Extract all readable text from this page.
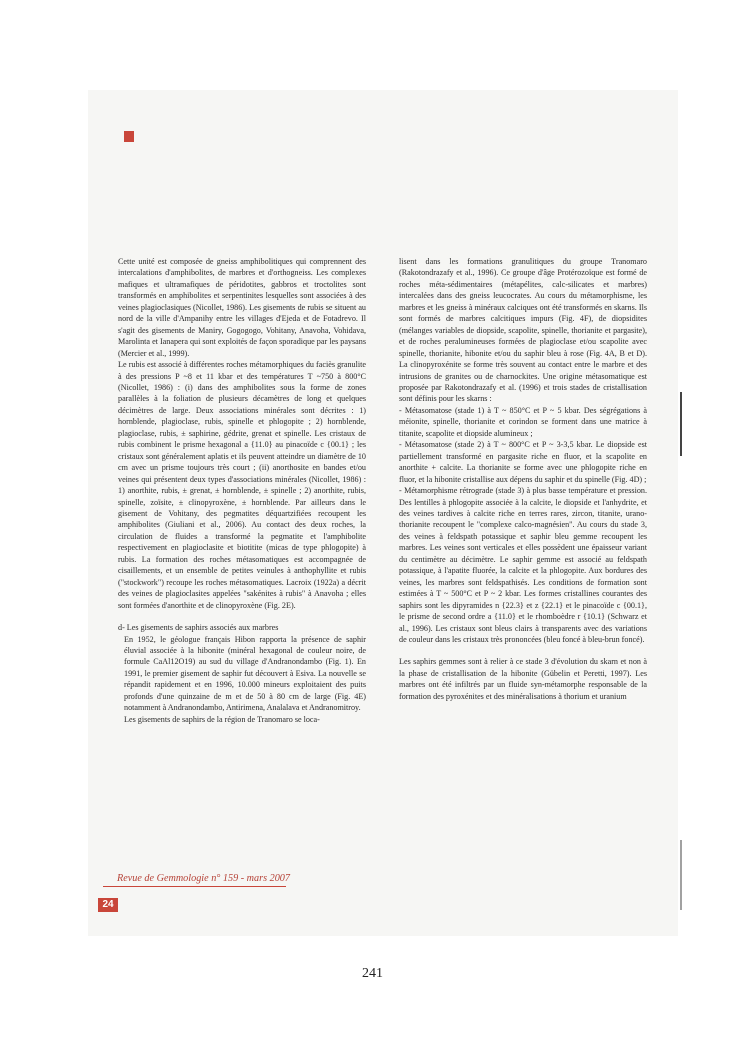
Cette unité est composée de gneiss amphibolitiques qui comprennent des intercalations d'amphibolites, de marbres et d'orthogneiss. Les complexes mafiques et ultramafiques de péridotites, gabbros et troctolites sont transformés en amphibolites et serpentinites lesquelles sont associées à des veines plagioclasiques (Nicollet, 1986). Les gisements de rubis se situent au nord de la ville d'Ampanihy entre les villages d'Ejeda et de Fotadrevo. Il s'agit des gisements de Maniry, Gogogogo, Vohitany, Anavoha, Vohidava, Marolinta et Ianapera qui sont exploités de façon sporadique par les paysans (Mercier et al., 1999).

Le rubis est associé à différentes roches métamorphiques du faciès granulite à des pressions P ~8 et 11 kbar et des températures T ~750 à 800°C (Nicollet, 1986) : (i) dans des amphibolites sous la forme de zones parallèles à la foliation de plusieurs décamètres de long et quelques décimètres de large. Deux associations minérales sont décrites : 1) hornblende, plagioclase, rubis, spinelle et phlogopite ; 2) hornblende, plagioclase, rubis, ± saphirine, gédrite, grenat et spinelle. Les cristaux de rubis combinent le prisme hexagonal a {11.0} au pinacoïde c {00.1} ; les cristaux sont généralement aplatis et ils peuvent atteindre un diamètre de 10 cm avec un prisme toujours très court ; (ii) anorthosite en bandes et/ou veines qui présentent deux types d'associations minérales (Nicollet, 1986) : 1) anorthite, rubis, ± grenat, ± hornblende, ± spinelle ; 2) anorthite, rubis, spinelle, zoïsite, ± clinopyroxène, ± hornblende. Par ailleurs dans le gisement de Vohitany, des pegmatites déquartzifiées recoupent les amphibolites (Giuliani et al., 2006). Au contact des deux roches, la circulation de fluides a transformé la pegmatite et l'amphibolite respectivement en plagioclasite et biotitite (micas de type phlogopite) à rubis. La formation des roches métasomatiques est accompagnée de cisaillements, et un ensemble de petites veinules à anthophyllite et rubis ("stockwork") recoupe les roches métasomatiques. Lacroix (1922a) a décrit des veines de plagioclasites appelées "sakénites à rubis" à Anavoha ; elles sont formées d'anorthite et de clinopyroxène (Fig. 2E).

d- Les gisements de saphirs associés aux marbres

En 1952, le géologue français Hibon rapporta la présence de saphir éluvial associée à la hibonite (minéral hexagonal de couleur noire, de formule CaAl12O19) au sud du village d'Andranondambo (Fig. 1). En 1991, le premier gisement de saphir fut découvert à Esiva. La nouvelle se répandit rapidement et en 1996, 10.000 mineurs exploitaient des puits profonds d'une quinzaine de m et de 50 à 80 cm de large (Fig. 4E) notamment à Andranondambo, Antirimena, Analalava et Andranomitroy.

Les gisements de saphirs de la région de Tranomaro se loca-

lisent dans les formations granulitiques du groupe Tranomaro (Rakotondrazafy et al., 1996). Ce groupe d'âge Protérozoïque est formé de roches méta-sédimentaires (métapélites, calc-silicates et marbres) intercalées dans des gneiss leucocrates. Au cours du métamorphisme, les marbres et les gneiss à minéraux calciques ont été transformés en skarns. Ils sont formés de marbres calcitiques impurs (Fig. 4F), de diopsidites (mélanges variables de diopside, scapolite, spinelle, thorianite et pargasite), et de roches peralumineuses formées de plagioclase et/ou scapolite avec spinelle, thorianite, hibonite et/ou du saphir bleu à rose (Fig. 4A, B et D). La clinopyroxénite se forme très souvent au contact entre le marbre et des intrusions de granites ou de charnockites. Une origine métasomatique est proposée par Rakotondrazafy et al. (1996) et trois stades de cristallisation sont définis pour les skarns :

- Métasomatose (stade 1) à T ~ 850°C et P ~ 5 kbar. Des ségrégations à méionite, spinelle, thorianite et corindon se forment dans une matrice à titanite, scapolite et diopside alumineux ;

- Métasomatose (stade 2) à T ~ 800°C et P ~ 3-3,5 kbar. Le diopside est partiellement transformé en pargasite riche en fluor, et la scapolite en anorthite + calcite. La thorianite se forme avec une phlogopite riche en fluor, et la hibonite cristallise aux dépens du saphir et du spinelle (Fig. 4D) ;

- Métamorphisme rétrograde (stade 3) à plus basse température et pression. Des lentilles à phlogopite associée à la calcite, le diopside et l'anhydrite, et des veines tardives à calcite riche en terres rares, zircon, titanite, urano-thorianite recoupent le "complexe calco-magnésien". Au cours du stade 3, des veines à feldspath potassique et saphir bleu gemme recoupent les marbres. Les veines sont verticales et elles possèdent une épaisseur variant du centimètre au décimètre. Le saphir gemme est associé au feldspath potassique, à l'apatite fluorée, la calcite et la phlogopite. Aux bordures des veines, les marbres sont feldspathisés. Les conditions de formation sont estimées à T ~ 500°C et P ~ 2 kbar. Les formes cristallines courantes des saphirs sont les dipyramides n {22.3} et z {22.1} et le pinacoïde c {00.1}, le prisme de second ordre a {11.0} et le rhomboèdre r {10.1} (Schwarz et al., 1996). Les cristaux sont bleus clairs à transparents avec des variations de couleur dans les cristaux très prononcées (bleu foncé à bleu-brun foncé).

Les saphirs gemmes sont à relier à ce stade 3 d'évolution du skarn et non à la phase de cristallisation de la hibonite (Gübelin et Peretti, 1997). Les marbres ont été infiltrés par un fluide syn-métamorphe responsable de la formation des pyroxénites et des minéralisations à thorium et uranium

Revue de Gemmologie n° 159 - mars 2007
24
241
